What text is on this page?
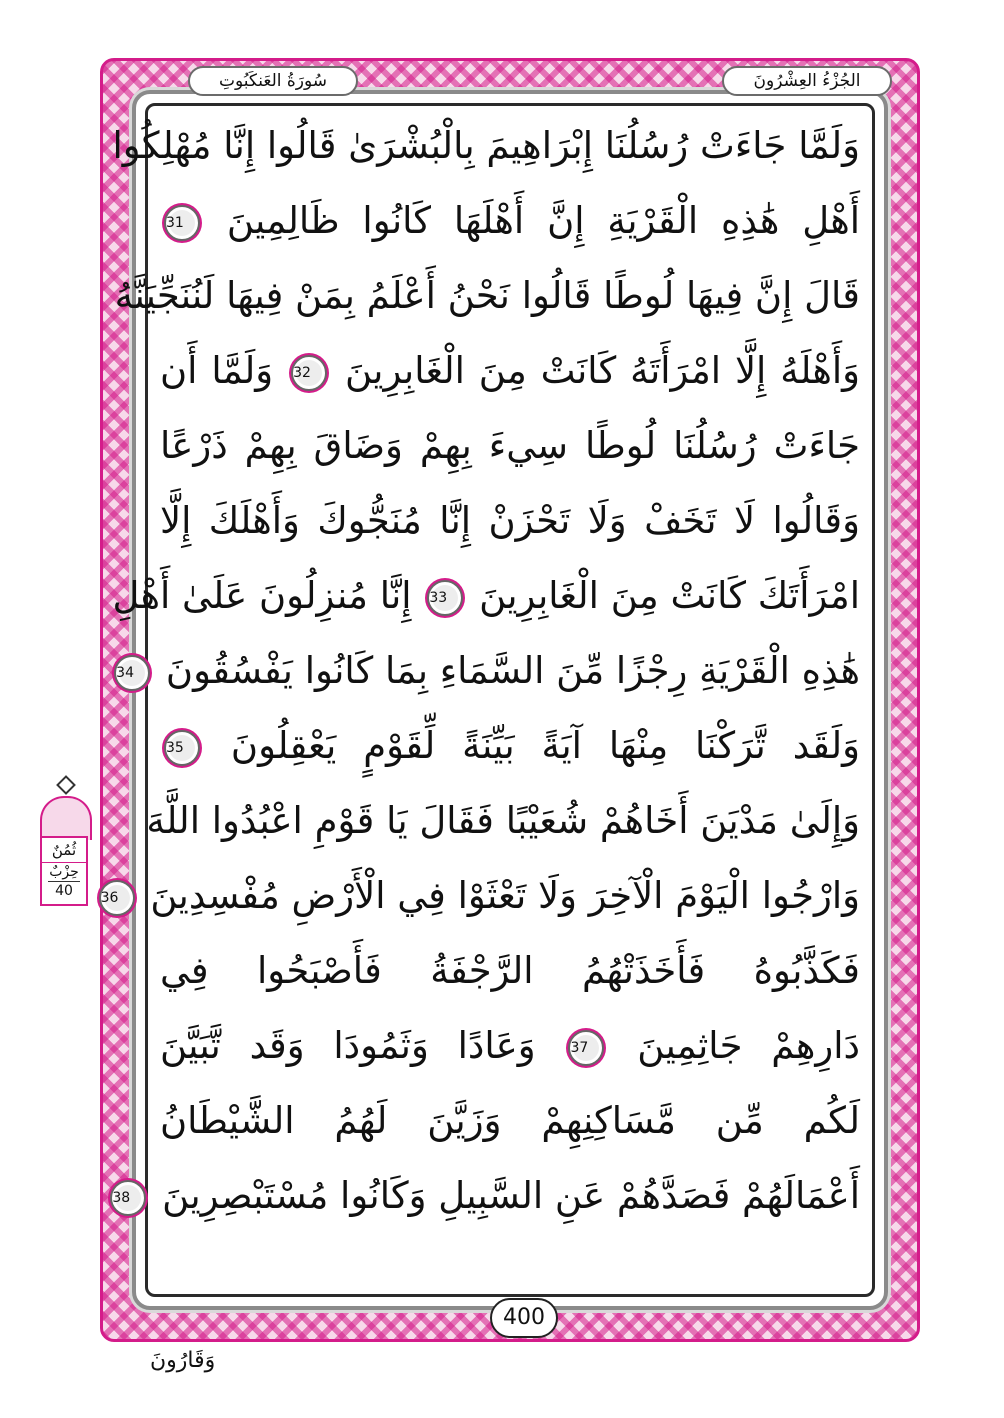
الجُزْءُ العِشْرُونَ
سُورَةُ العَنكَبُوتِ
وَلَمَّا جَاءَتْ رُسُلُنَا إِبْرَاهِيمَ بِالْبُشْرَىٰ قَالُوا إِنَّا مُهْلِكُوا
أَهْلِ هَٰذِهِ الْقَرْيَةِ إِنَّ أَهْلَهَا كَانُوا ظَالِمِينَ 31
قَالَ إِنَّ فِيهَا لُوطًا قَالُوا نَحْنُ أَعْلَمُ بِمَنْ فِيهَا لَنُنَجِّيَنَّهُ
وَأَهْلَهُ إِلَّا امْرَأَتَهُ كَانَتْ مِنَ الْغَابِرِينَ 32 وَلَمَّا أَن
جَاءَتْ رُسُلُنَا لُوطًا سِيءَ بِهِمْ وَضَاقَ بِهِمْ ذَرْعًا
وَقَالُوا لَا تَخَفْ وَلَا تَحْزَنْ إِنَّا مُنَجُّوكَ وَأَهْلَكَ إِلَّا
امْرَأَتَكَ كَانَتْ مِنَ الْغَابِرِينَ 33 إِنَّا مُنزِلُونَ عَلَىٰ أَهْلِ
هَٰذِهِ الْقَرْيَةِ رِجْزًا مِّنَ السَّمَاءِ بِمَا كَانُوا يَفْسُقُونَ 34
وَلَقَد تَّرَكْنَا مِنْهَا آيَةً بَيِّنَةً لِّقَوْمٍ يَعْقِلُونَ 35
وَإِلَىٰ مَدْيَنَ أَخَاهُمْ شُعَيْبًا فَقَالَ يَا قَوْمِ اعْبُدُوا اللَّهَ
وَارْجُوا الْيَوْمَ الْآخِرَ وَلَا تَعْثَوْا فِي الْأَرْضِ مُفْسِدِينَ 36
فَكَذَّبُوهُ فَأَخَذَتْهُمُ الرَّجْفَةُ فَأَصْبَحُوا فِي
دَارِهِمْ جَاثِمِينَ 37 وَعَادًا وَثَمُودَا وَقَد تَّبَيَّنَ
لَكُم مِّن مَّسَاكِنِهِمْ وَزَيَّنَ لَهُمُ الشَّيْطَانُ
أَعْمَالَهُمْ فَصَدَّهُمْ عَنِ السَّبِيلِ وَكَانُوا مُسْتَبْصِرِينَ 38
400
وَقَارُونَ
ثُمُنٌ
حِزْبٌ
40
